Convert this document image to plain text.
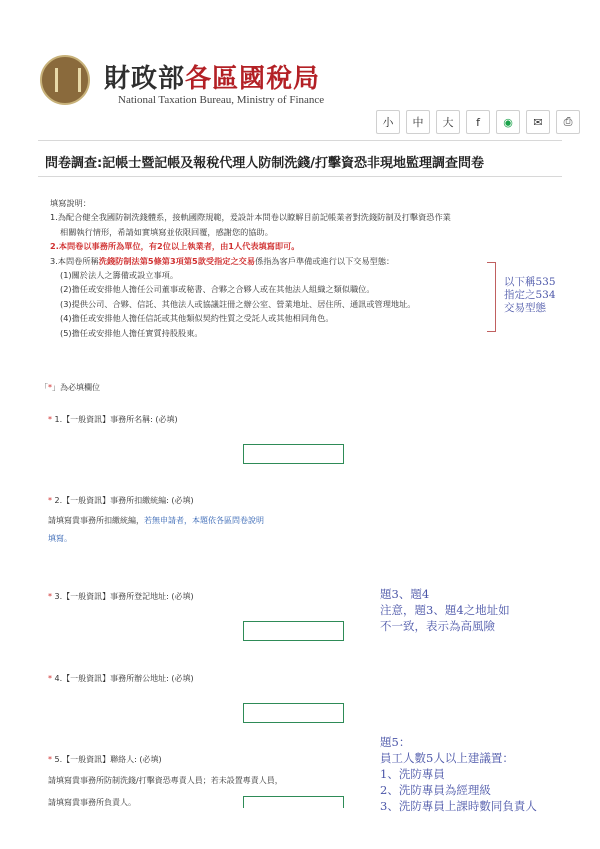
財政部各區國稅局
National Taxation Bureau, Ministry of Finance
小	中	大	f	◉	✉	⎙
問卷調查:記帳士暨記帳及報稅代理人防制洗錢/打擊資恐非現地監理調查問卷
填寫說明：
1.為配合健全我國防制洗錢體系，接軌國際規範，爰設計本問卷以瞭解目前記帳業者對洗錢防制及打擊資恐作業
相關執行情形，希請如實填寫並依限回覆，感謝您的協助。
2.本問卷以事務所為單位，有2位以上執業者，由1人代表填寫即可。
3.本問卷所稱洗錢防制法第5條第3項第5款受指定之交易係指為客戶準備或進行以下交易型態：
(1)關於法人之籌備或設立事項。
(2)擔任或安排他人擔任公司董事或秘書、合夥之合夥人或在其他法人組織之類似職位。
(3)提供公司、合夥、信託、其他法人或協議註冊之辦公室、營業地址、居住所、通訊或管理地址。
(4)擔任或安排他人擔任信託或其他類似契約性質之受託人或其他相同角色。
(5)擔任或安排他人擔任實質持股股東。
以下稱535
指定之534
交易型態
「*」為必填欄位
* 1.【一般資訊】事務所名稱: (必填)
* 2.【一般資訊】事務所扣繳統編: (必填)
請填寫貴事務所扣繳統編，若無申請者，本題依各區問卷說明
填寫。
* 3.【一般資訊】事務所登記地址: (必填)	題3、題4
注意，題3、題4之地址如
不一致，表示為高風險
* 4.【一般資訊】事務所辦公地址: (必填)
* 5.【一般資訊】聯絡人: (必填)
請填寫貴事務所防制洗錢/打擊資恐專責人員；若未設置專責人員，
請填寫貴事務所負責人。
題5：
員工人數5人以上建議置：
1、洗防專員
2、洗防專員為經理級
3、洗防專員上課時數同負責人
